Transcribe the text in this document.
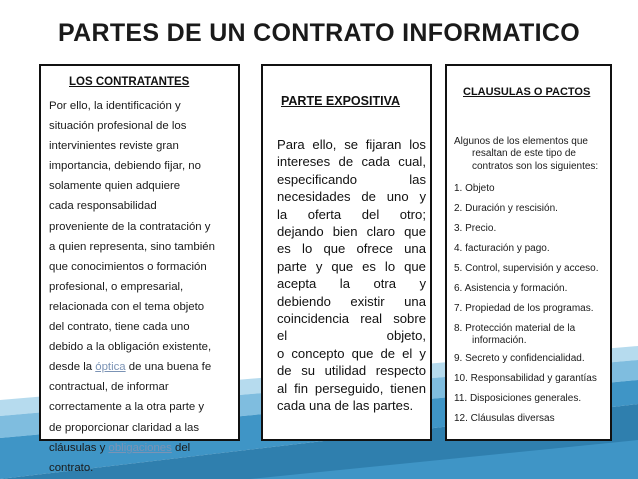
PARTES DE UN CONTRATO INFORMATICO
LOS CONTRATANTES
Por ello, la identificación y
situación profesional de los
intervinientes reviste gran
importancia, debiendo fijar, no
solamente quien adquiere
cada responsabilidad
proveniente de la contratación y
a quien representa, sino también
que conocimientos o formación
profesional, o empresarial,
relacionada con el tema objeto
del contrato, tiene cada uno
debido a la obligación existente,
desde la óptica de una buena fe
contractual, de informar
correctamente a la otra parte y
de proporcionar claridad a las
cláusulas y obligaciones del
contrato.
PARTE EXPOSITIVA
Para ello, se fijaran los
intereses de cada cual,
especificando	las
necesidades de uno y
la oferta del otro;
dejando bien claro que
es lo que ofrece una
parte y que es lo que
acepta la otra y
debiendo existir una
coincidencia real sobre
el	objeto,
o concepto que de el y
de su utilidad respecto
al fin perseguido, tienen
cada una de las partes.
CLAUSULAS O PACTOS
Algunos de los elementos que
resaltan de este tipo de
contratos son los siguientes:
1. Objeto
2. Duración y rescisión.
3. Precio.
4. facturación y pago.
5. Control, supervisión y acceso.
6. Asistencia y formación.
7. Propiedad de los programas.
8. Protección material de la
información.
9. Secreto y confidencialidad.
10. Responsabilidad y garantías
11. Disposiciones generales.
12. Cláusulas diversas
